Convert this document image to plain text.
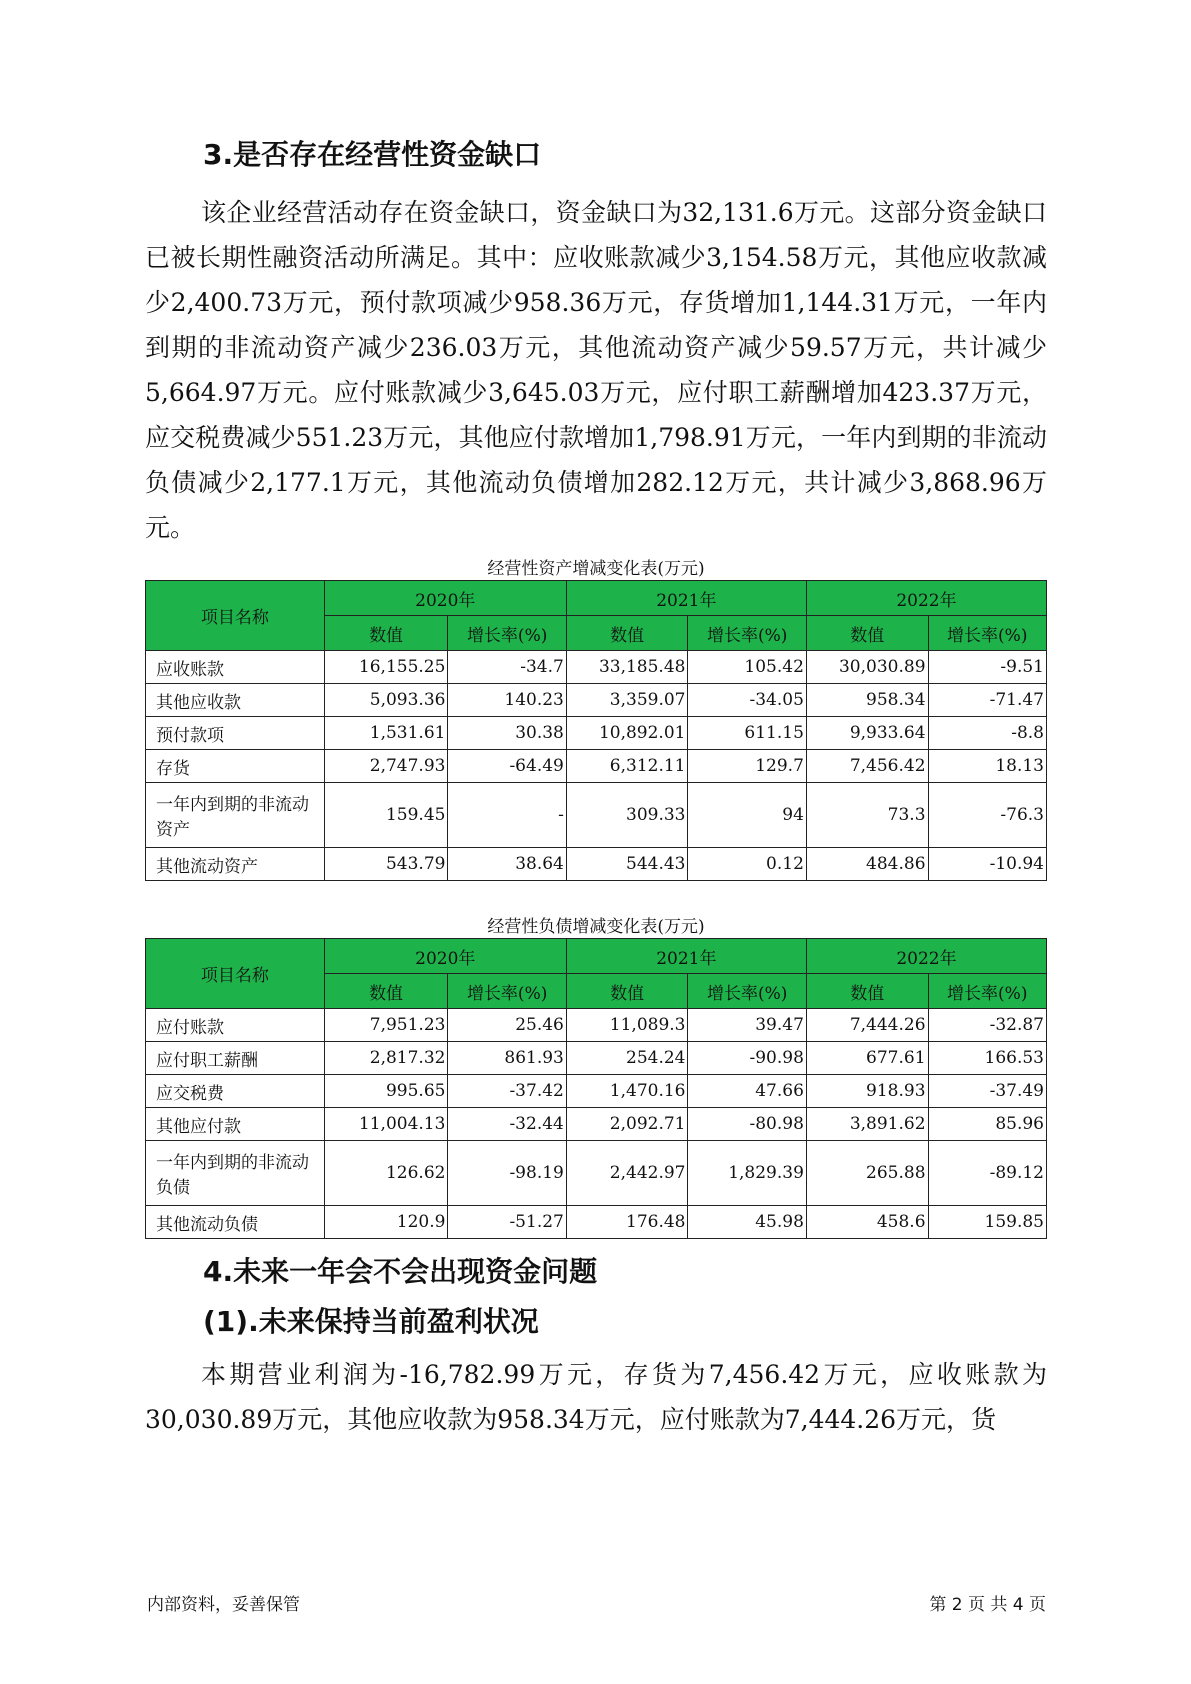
3.是否存在经营性资金缺口

该企业经营活动存在资金缺口，资金缺口为32,131.6万元。这部分资金缺口已被长期性融资活动所满足。其中：应收账款减少3,154.58万元，其他应收款减少2,400.73万元，预付款项减少958.36万元，存货增加1,144.31万元，一年内到期的非流动资产减少236.03万元，其他流动资产减少59.57万元，共计减少5,664.97万元。应付账款减少3,645.03万元，应付职工薪酬增加423.37万元，应交税费减少551.23万元，其他应付款增加1,798.91万元，一年内到期的非流动负债减少2,177.1万元，其他流动负债增加282.12万元，共计减少3,868.96万元。

经营性资产增减变化表(万元)
项目名称	2020年		2021年		2022年	
	数值	增长率(%)	数值	增长率(%)	数值	增长率(%)
应收账款	16,155.25	-34.7	33,185.48	105.42	30,030.89	-9.51
其他应收款	5,093.36	140.23	3,359.07	-34.05	958.34	-71.47
预付款项	1,531.61	30.38	10,892.01	611.15	9,933.64	-8.8
存货	2,747.93	-64.49	6,312.11	129.7	7,456.42	18.13
一年内到期的非流动资产	159.45	-	309.33	94	73.3	-76.3
其他流动资产	543.79	38.64	544.43	0.12	484.86	-10.94
经营性负债增减变化表(万元)
项目名称	2020年		2021年		2022年	
	数值	增长率(%)	数值	增长率(%)	数值	增长率(%)
应付账款	7,951.23	25.46	11,089.3	39.47	7,444.26	-32.87
应付职工薪酬	2,817.32	861.93	254.24	-90.98	677.61	166.53
应交税费	995.65	-37.42	1,470.16	47.66	918.93	-37.49
其他应付款	11,004.13	-32.44	2,092.71	-80.98	3,891.62	85.96
一年内到期的非流动负债	126.62	-98.19	2,442.97	1,829.39	265.88	-89.12
其他流动负债	120.9	-51.27	176.48	45.98	458.6	159.85
4.未来一年会不会出现资金问题
(1).未来保持当前盈利状况

本期营业利润为-16,782.99万元，存货为7,456.42万元，应收账款为30,030.89万元，其他应收款为958.34万元，应付账款为7,444.26万元，货

内部资料，妥善保管	第 2 页 共 4 页
